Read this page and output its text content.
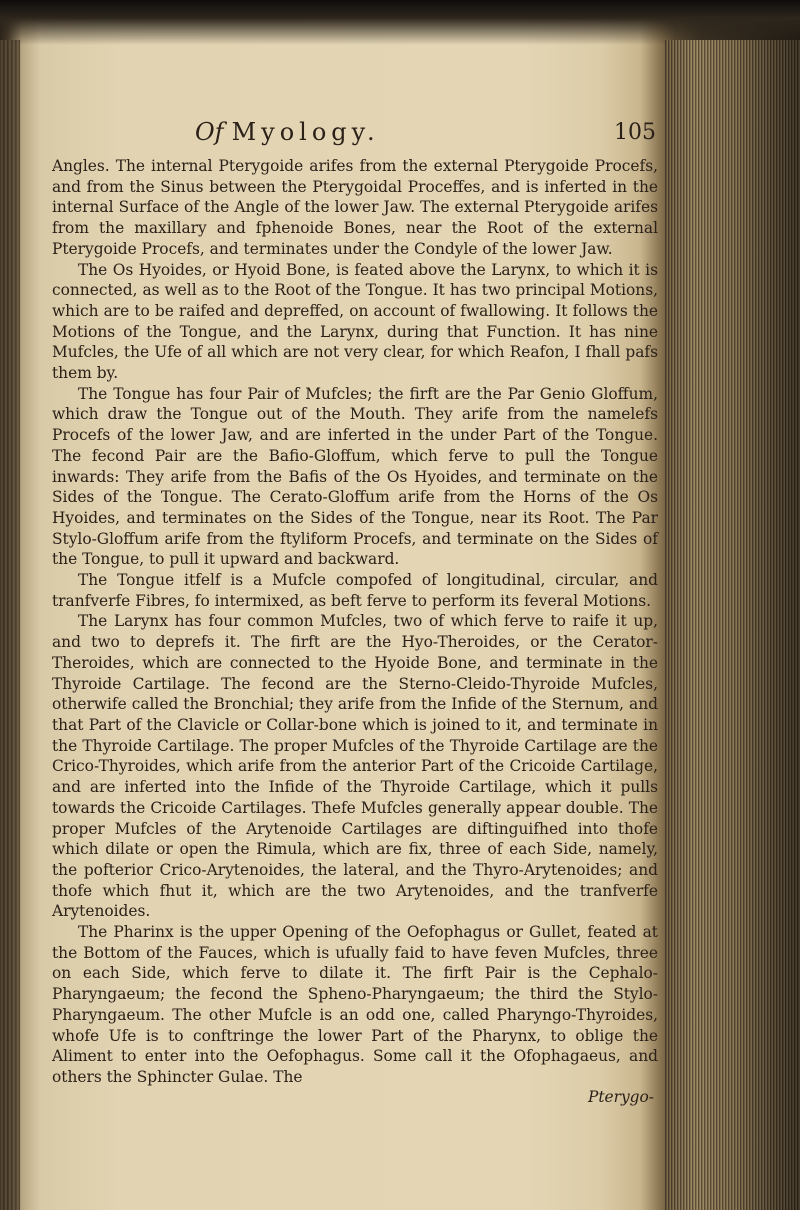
Of Myology.	105

Angles. The internal Pterygoide arifes from the external Pterygoide Procefs, and from the Sinus between the Pterygoidal Proceffes, and is inferted in the internal Surface of the Angle of the lower Jaw. The external Pterygoide arifes from the maxillary and fphenoide Bones, near the Root of the external Pterygoide Procefs, and terminates under the Condyle of the lower Jaw.

The Os Hyoides, or Hyoid Bone, is feated above the Larynx, to which it is connected, as well as to the Root of the Tongue. It has two principal Motions, which are to be raifed and depreffed, on account of fwallowing. It follows the Motions of the Tongue, and the Larynx, during that Function. It has nine Mufcles, the Ufe of all which are not very clear, for which Reafon, I fhall pafs them by.

The Tongue has four Pair of Mufcles; the firft are the Par Genio Gloffum, which draw the Tongue out of the Mouth. They arife from the namelefs Procefs of the lower Jaw, and are inferted in the under Part of the Tongue. The fecond Pair are the Bafio-Gloffum, which ferve to pull the Tongue inwards: They arife from the Bafis of the Os Hyoides, and terminate on the Sides of the Tongue. The Cerato-Gloffum arife from the Horns of the Os Hyoides, and terminates on the Sides of the Tongue, near its Root. The Par Stylo-Gloffum arife from the ftyliform Procefs, and terminate on the Sides of the Tongue, to pull it upward and backward.

The Tongue itfelf is a Mufcle compofed of longitudinal, circular, and tranfverfe Fibres, fo intermixed, as beft ferve to perform its feveral Motions.

The Larynx has four common Mufcles, two of which ferve to raife it up, and two to deprefs it. The firft are the Hyo-Theroides, or the Cerator-Theroides, which are connected to the Hyoide Bone, and terminate in the Thyroide Cartilage. The fecond are the Sterno-Cleido-Thyroide Mufcles, otherwife called the Bronchial; they arife from the Infide of the Sternum, and that Part of the Clavicle or Collar-bone which is joined to it, and terminate in the Thyroide Cartilage. The proper Mufcles of the Thyroide Cartilage are the Crico-Thyroides, which arife from the anterior Part of the Cricoide Cartilage, and are inferted into the Infide of the Thyroide Cartilage, which it pulls towards the Cricoide Cartilages. Thefe Mufcles generally appear double. The proper Mufcles of the Arytenoide Cartilages are diftinguifhed into thofe which dilate or open the Rimula, which are fix, three of each Side, namely, the pofterior Crico-Arytenoides, the lateral, and the Thyro-Arytenoides; and thofe which fhut it, which are the two Arytenoides, and the tranfverfe Arytenoides.

The Pharinx is the upper Opening of the Oefophagus or Gullet, feated at the Bottom of the Fauces, which is ufually faid to have feven Mufcles, three on each Side, which ferve to dilate it. The firft Pair is the Cephalo-Pharyngaeum; the fecond the Spheno-Pharyngaeum; the third the Stylo-Pharyngaeum. The other Mufcle is an odd one, called Pharyngo-Thyroides, whofe Ufe is to conftringe the lower Part of the Pharynx, to oblige the Aliment to enter into the Oefophagus. Some call it the Ofophagaeus, and others the Sphincter Gulae. The

Pterygo-
